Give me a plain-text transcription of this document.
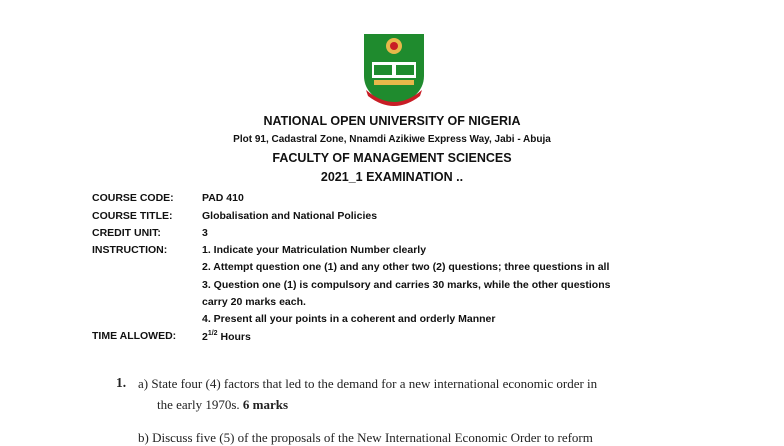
NATIONAL OPEN UNIVERSITY OF NIGERIA
Plot 91, Cadastral Zone, Nnamdi Azikiwe Express Way, Jabi - Abuja
FACULTY OF MANAGEMENT SCIENCES
2021_1 EXAMINATION ..
COURSE CODE:	PAD 410
COURSE TITLE:	Globalisation and National Policies
CREDIT UNIT:	3
INSTRUCTION:	1. Indicate your Matriculation Number clearly
2. Attempt question one (1) and any other two (2) questions; three questions in all
3. Question one (1) is compulsory and carries 30 marks, while the other questions
carry 20 marks each.
4. Present all your points in a coherent and orderly Manner
TIME ALLOWED: $2^{1/2}$ Hours
1. a) State four (4) factors that led to the demand for a new international economic order in
the early 1970s. 6 marks
b) Discuss five (5) of the proposals of the New International Economic Order to reform
